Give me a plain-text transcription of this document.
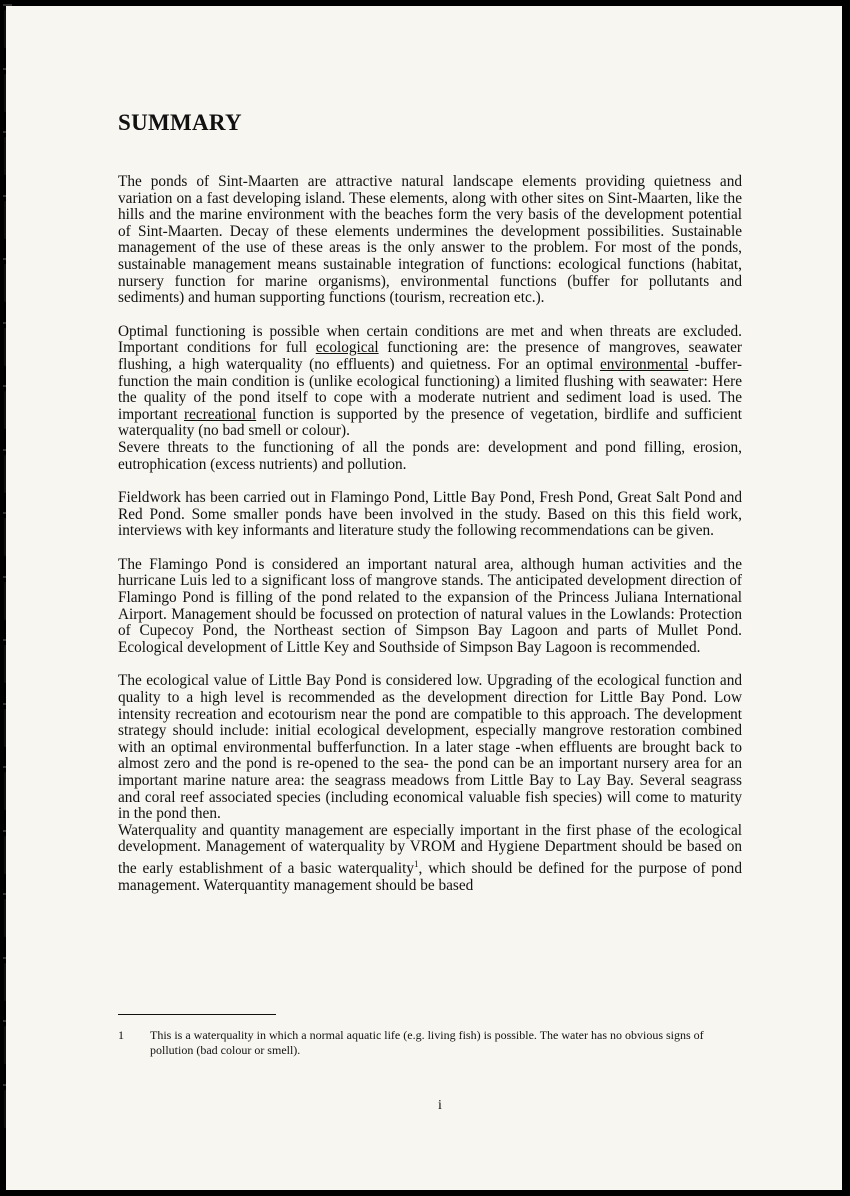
SUMMARY

The ponds of Sint-Maarten are attractive natural landscape elements providing quietness and variation on a fast developing island. These elements, along with other sites on Sint-Maarten, like the hills and the marine environment with the beaches form the very basis of the development potential of Sint-Maarten. Decay of these elements undermines the development possibilities. Sustainable management of the use of these areas is the only answer to the problem. For most of the ponds, sustainable management means sustainable integration of functions: ecological functions (habitat, nursery function for marine organisms), environmental functions (buffer for pollutants and sediments) and human supporting functions (tourism, recreation etc.).

Optimal functioning is possible when certain conditions are met and when threats are excluded. Important conditions for full ecological functioning are: the presence of mangroves, seawater flushing, a high waterquality (no effluents) and quietness. For an optimal environmental -buffer- function the main condition is (unlike ecological functioning) a limited flushing with seawater: Here the quality of the pond itself to cope with a moderate nutrient and sediment load is used. The important recreational function is supported by the presence of vegetation, birdlife and sufficient waterquality (no bad smell or colour).

Severe threats to the functioning of all the ponds are: development and pond filling, erosion, eutrophication (excess nutrients) and pollution.

Fieldwork has been carried out in Flamingo Pond, Little Bay Pond, Fresh Pond, Great Salt Pond and Red Pond. Some smaller ponds have been involved in the study. Based on this this field work, interviews with key informants and literature study the following recommendations can be given.

The Flamingo Pond is considered an important natural area, although human activities and the hurricane Luis led to a significant loss of mangrove stands. The anticipated development direction of Flamingo Pond is filling of the pond related to the expansion of the Princess Juliana International Airport. Management should be focussed on protection of natural values in the Lowlands: Protection of Cupecoy Pond, the Northeast section of Simpson Bay Lagoon and parts of Mullet Pond. Ecological development of Little Key and Southside of Simpson Bay Lagoon is recommended.

The ecological value of Little Bay Pond is considered low. Upgrading of the ecological function and quality to a high level is recommended as the development direction for Little Bay Pond. Low intensity recreation and ecotourism near the pond are compatible to this approach. The development strategy should include: initial ecological development, especially mangrove restoration combined with an optimal environmental bufferfunction. In a later stage -when effluents are brought back to almost zero and the pond is re-opened to the sea- the pond can be an important nursery area for an important marine nature area: the seagrass meadows from Little Bay to Lay Bay. Several seagrass and coral reef associated species (including economical valuable fish species) will come to maturity in the pond then.

Waterquality and quantity management are especially important in the first phase of the ecological development. Management of waterquality by VROM and Hygiene Department should be based on the early establishment of a basic waterquality$^1$, which should be defined for the purpose of pond management. Waterquantity management should be based

1	This is a waterquality in which a normal aquatic life (e.g. living fish) is possible. The water has no obvious signs of pollution (bad colour or smell).
i
